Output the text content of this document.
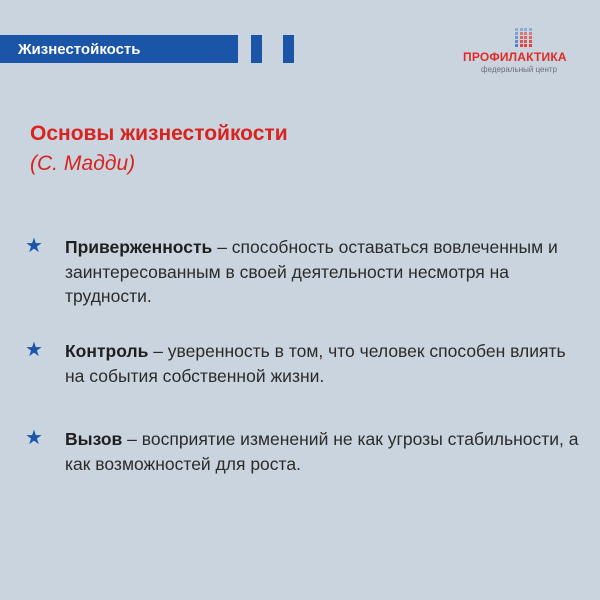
Жизнестойкость	ПРОФИЛАКТИКА
федеральный центр
Основы жизнестойкости
(С. Мадди)
★ Приверженность – способность оставаться вовлеченным и заинтересованным в своей деятельности несмотря на трудности.
★ Контроль – уверенность в том, что человек способен влиять на события собственной жизни.
★ Вызов – восприятие изменений не как угрозы стабильности, а как возможностей для роста.
